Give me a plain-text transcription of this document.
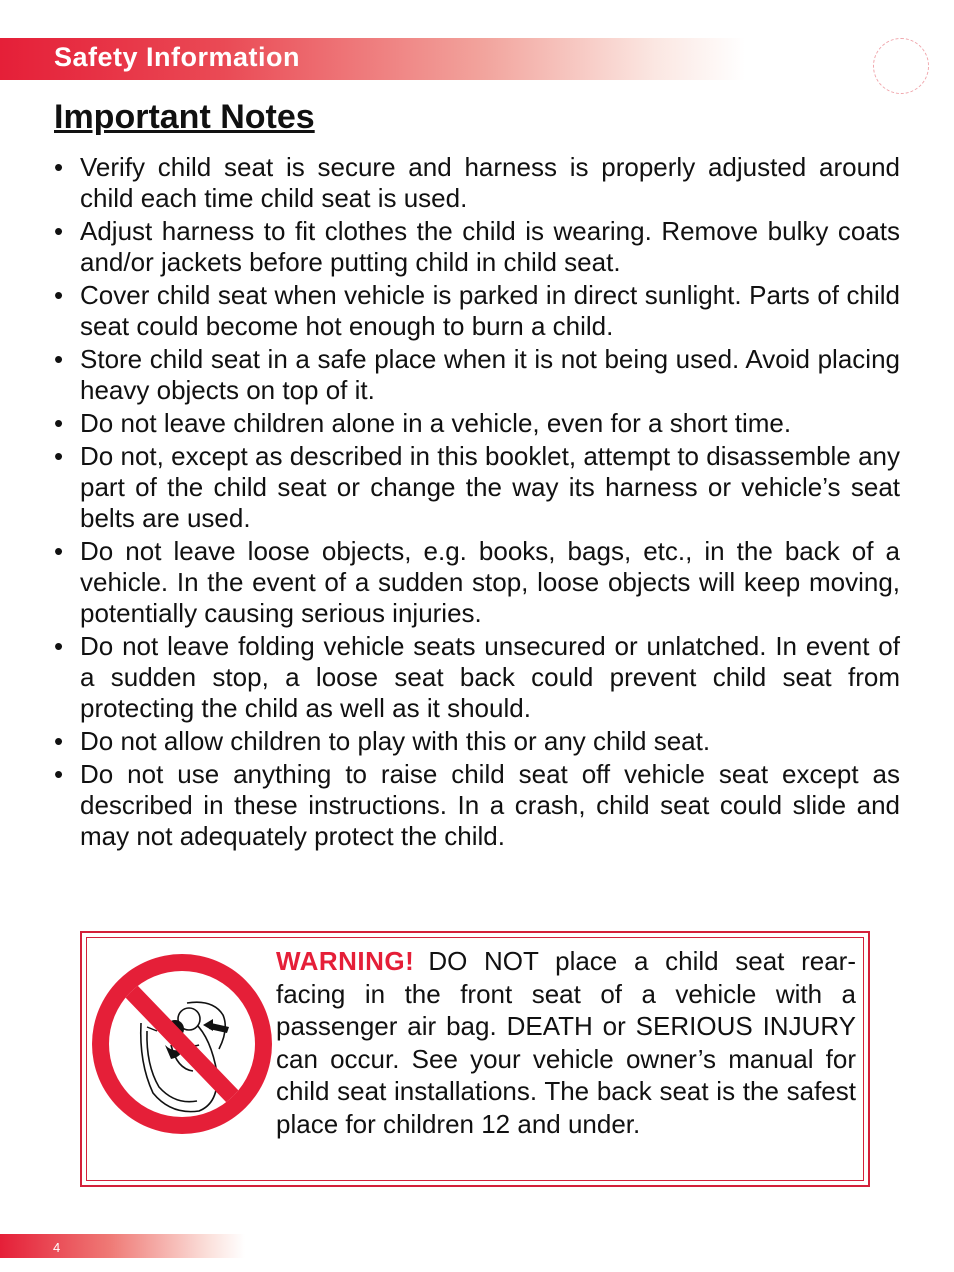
Safety Information
Important Notes
• Verify child seat is secure and harness is properly adjusted around child each time child seat is used.
• Adjust harness to fit clothes the child is wearing. Remove bulky coats and/or jackets before putting child in child seat.
• Cover child seat when vehicle is parked in direct sunlight. Parts of child seat could become hot enough to burn a child.
• Store child seat in a safe place when it is not being used. Avoid placing heavy objects on top of it.
• Do not leave children alone in a vehicle, even for a short time.
• Do not, except as described in this booklet, attempt to disassemble any part of the child seat or change the way its harness or vehicle’s seat belts are used.
• Do not leave loose objects, e.g. books, bags, etc., in the back of a vehicle. In the event of a sudden stop, loose objects will keep moving, potentially causing serious injuries.
• Do not leave folding vehicle seats unsecured or unlatched. In event of a sudden stop, a loose seat back could prevent child seat from protecting the child as well as it should.
• Do not allow children to play with this or any child seat.
• Do not use anything to raise child seat off vehicle seat except as described in these instructions. In a crash, child seat could slide and may not adequately protect the child.

WARNING! DO NOT place a child seat rear-facing in the front seat of a vehicle with a passenger air bag. DEATH or SERIOUS INJURY can occur. See your vehicle owner’s manual for child seat installations. The back seat is the safest place for children 12 and under.

4
